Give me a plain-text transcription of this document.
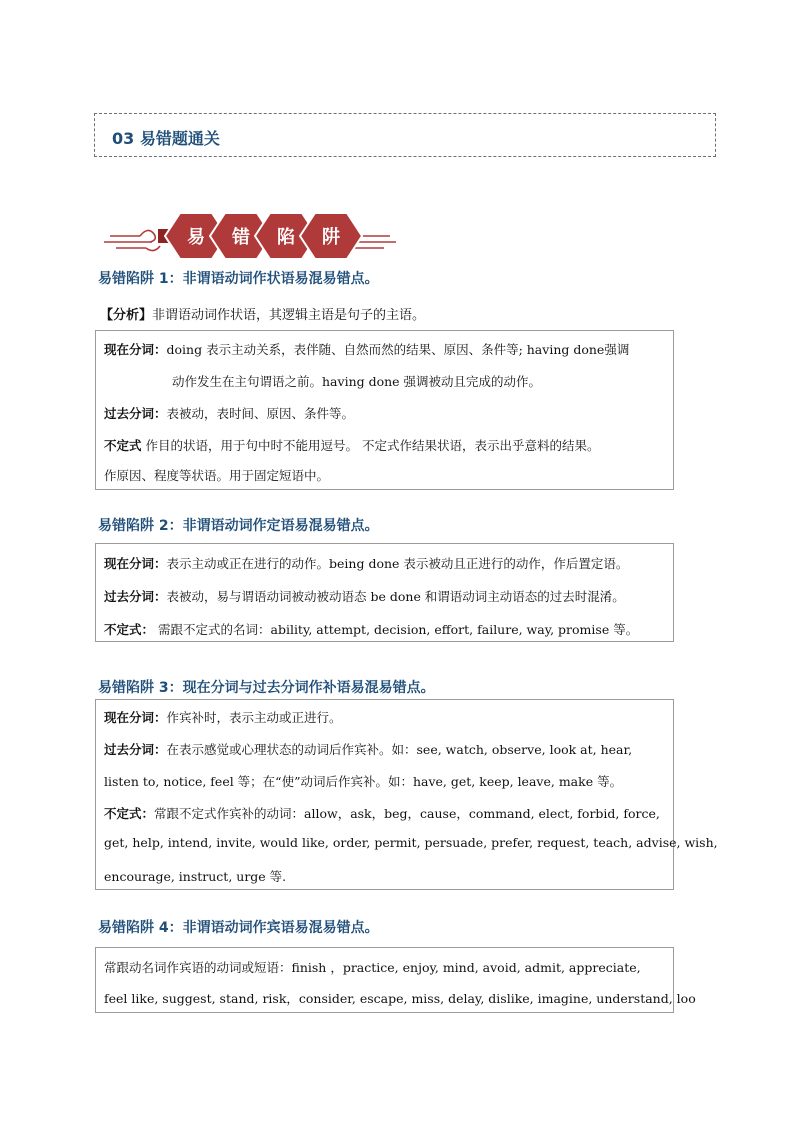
03 易错题通关
易 错 陷 阱
易错陷阱 1：非谓语动词作状语易混易错点。
【分析】非谓语动词作状语，其逻辑主语是句子的主语。
现在分词：doing 表示主动关系，表伴随、自然而然的结果、原因、条件等; having done强调
动作发生在主句谓语之前。having done 强调被动且完成的动作。
过去分词：表被动，表时间、原因、条件等。
不定式 作目的状语，用于句中时不能用逗号。 不定式作结果状语，表示出乎意料的结果。
作原因、程度等状语。用于固定短语中。
易错陷阱 2：非谓语动词作定语易混易错点。
现在分词：表示主动或正在进行的动作。being done 表示被动且正进行的动作，作后置定语。
过去分词：表被动，易与谓语动词被动被动语态 be done 和谓语动词主动语态的过去时混淆。
不定式： 需跟不定式的名词：ability, attempt, decision, effort, failure, way, promise 等。
易错陷阱 3：现在分词与过去分词作补语易混易错点。
现在分词：作宾补时，表示主动或正进行。
过去分词：在表示感觉或心理状态的动词后作宾补。如：see, watch, observe, look at, hear,
listen to, notice, feel 等；在“使”动词后作宾补。如：have, get, keep, leave, make 等。
不定式：常跟不定式作宾补的动词：allow，ask，beg，cause，command, elect, forbid, force,
get, help, intend, invite, would like, order, permit, persuade, prefer, request, teach, advise, wish,
encourage, instruct, urge 等.
易错陷阱 4：非谓语动词作宾语易混易错点。
常跟动名词作宾语的动词或短语：finish ，practice, enjoy, mind, avoid, admit, appreciate,
feel like, suggest, stand, risk，consider, escape, miss, delay, dislike, imagine, understand, loo
